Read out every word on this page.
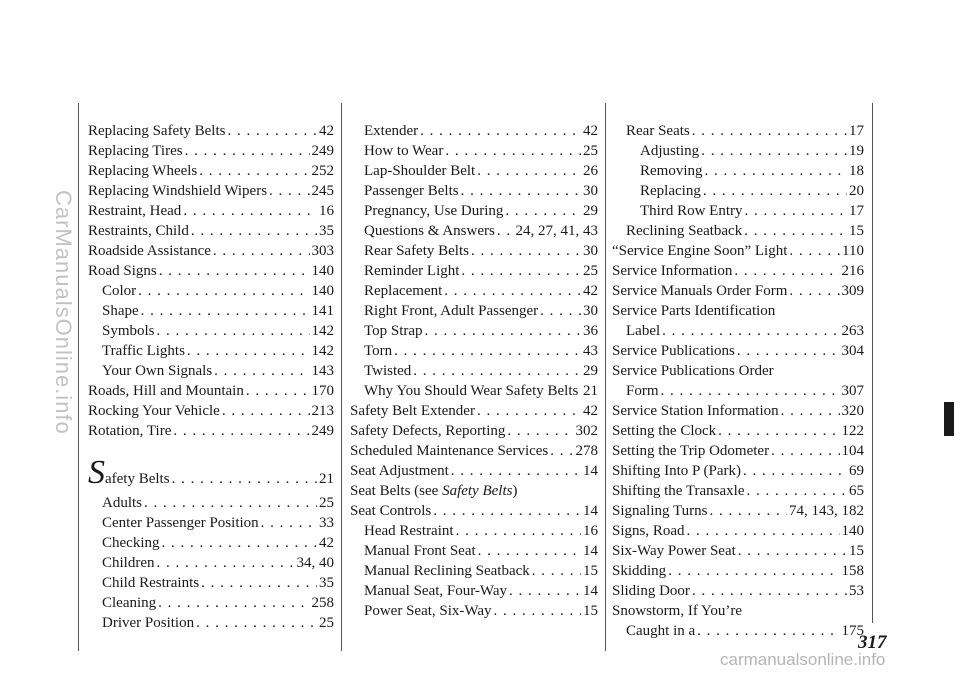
Replacing Safety Belts . . .	42
Replacing Tires . . .	249
Replacing Wheels . . .	252
Replacing Windshield Wipers . . .	245
Restraint, Head . . .	16
Restraints, Child . . .	35
Roadside Assistance . . .	303
Road Signs . . .	140
Color . . .	140
Shape . . .	141
Symbols . . .	142
Traffic Lights . . .	142
Your Own Signals . . .	143
Roads, Hill and Mountain . . .	170
Rocking Your Vehicle . . .	213
Rotation, Tire . . .	249
Safety Belts . . .	21
Adults . . .	25
Center Passenger Position . . .	33
Checking . . .	42
Children . . .	34, 40
Child Restraints . . .	35
Cleaning . . .	258
Driver Position . . .	25
Extender . . .	42
How to Wear . . .	25
Lap-Shoulder Belt . . .	26
Passenger Belts . . .	30
Pregnancy, Use During . . .	29
Questions & Answers . . . 24, 27, 41, 43
Rear Safety Belts . . .	30
Reminder Light . . .	25
Replacement . . .	42
Right Front, Adult Passenger . . .	30
Top Strap . . .	36
Torn . . .	43
Twisted . . .	29
Why You Should Wear Safety Belts 21
Safety Belt Extender . . .	42
Safety Defects, Reporting . . .	302
Scheduled Maintenance Services . . . 278
Seat Adjustment . . .	14
Seat Belts (see Safety Belts)
Seat Controls . . .	14
Head Restraint . . .	16
Manual Front Seat . . .	14
Manual Reclining Seatback . . .	15
Manual Seat, Four-Way . . .	14
Power Seat, Six-Way . . .	15
Rear Seats . . .	17
Adjusting . . .	19
Removing . . .	18
Replacing . . .	20
Third Row Entry . . .	17
Reclining Seatback . . .	15
“Service Engine Soon” Light . . .	110
Service Information . . .	216
Service Manuals Order Form . . .	309
Service Parts Identification
Label . . .	263
Service Publications . . .	304
Service Publications Order
Form . . .	307
Service Station Information . . .	320
Setting the Clock . . .	122
Setting the Trip Odometer . . .	104
Shifting Into P (Park) . . .	69
Shifting the Transaxle . . .	65
Signaling Turns . . .	74, 143, 182
Signs, Road . . .	140
Six-Way Power Seat . . .	15
Skidding . . .	158
Sliding Door . . .	53
Snowstorm, If You’re
Caught in a . . .	175
317
CarManualsOnline.info
carmanualsonline.info
